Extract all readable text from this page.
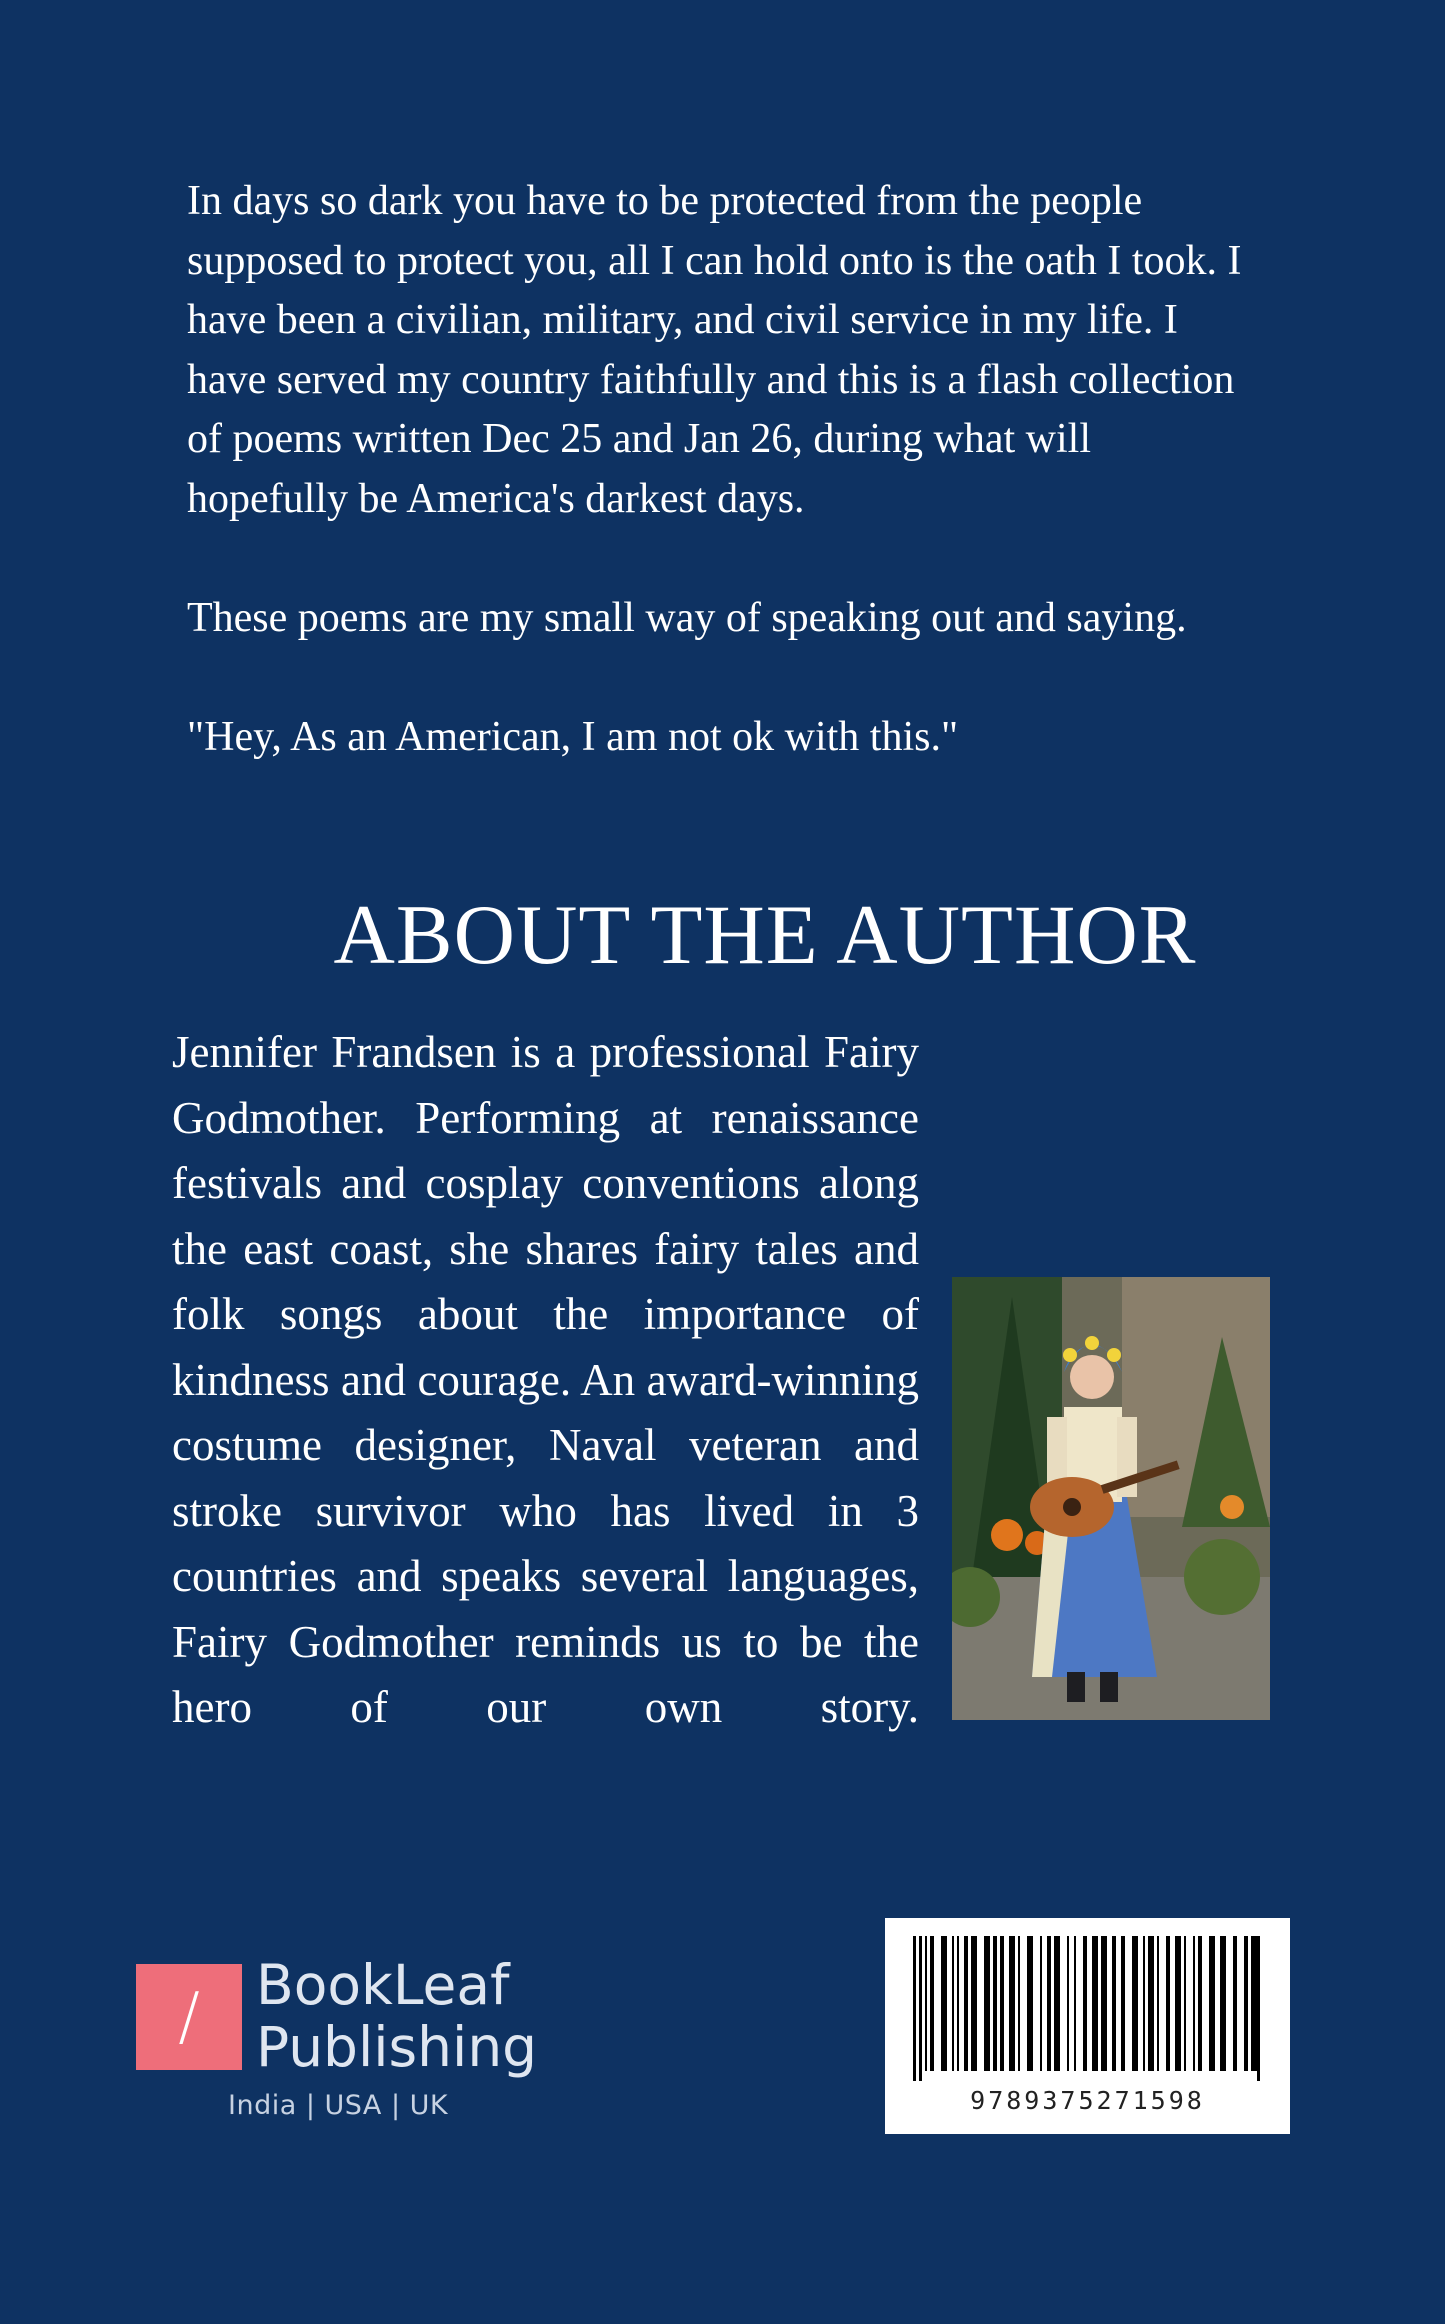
In days so dark you have to be protected from the people supposed to protect you, all I can hold onto is the oath I took. I have been a civilian, military, and civil service in my life. I have served my country faithfully and this is a flash collection of poems written Dec 25 and Jan 26, during what will hopefully be America's darkest days.

These poems are my small way of speaking out and saying.

"Hey, As an American, I am not ok with this."

ABOUT THE AUTHOR

Jennifer Frandsen is a professional Fairy Godmother. Performing at renaissance festivals and cosplay conventions along the east coast, she shares fairy tales and folk songs about the importance of kindness and courage. An award-winning costume designer, Naval veteran and stroke survivor who has lived in 3 countries and speaks several languages, Fairy Godmother reminds us to be the hero of our own story.

/	BookLeaf
Publishing
India | USA | UK	9789375271598
